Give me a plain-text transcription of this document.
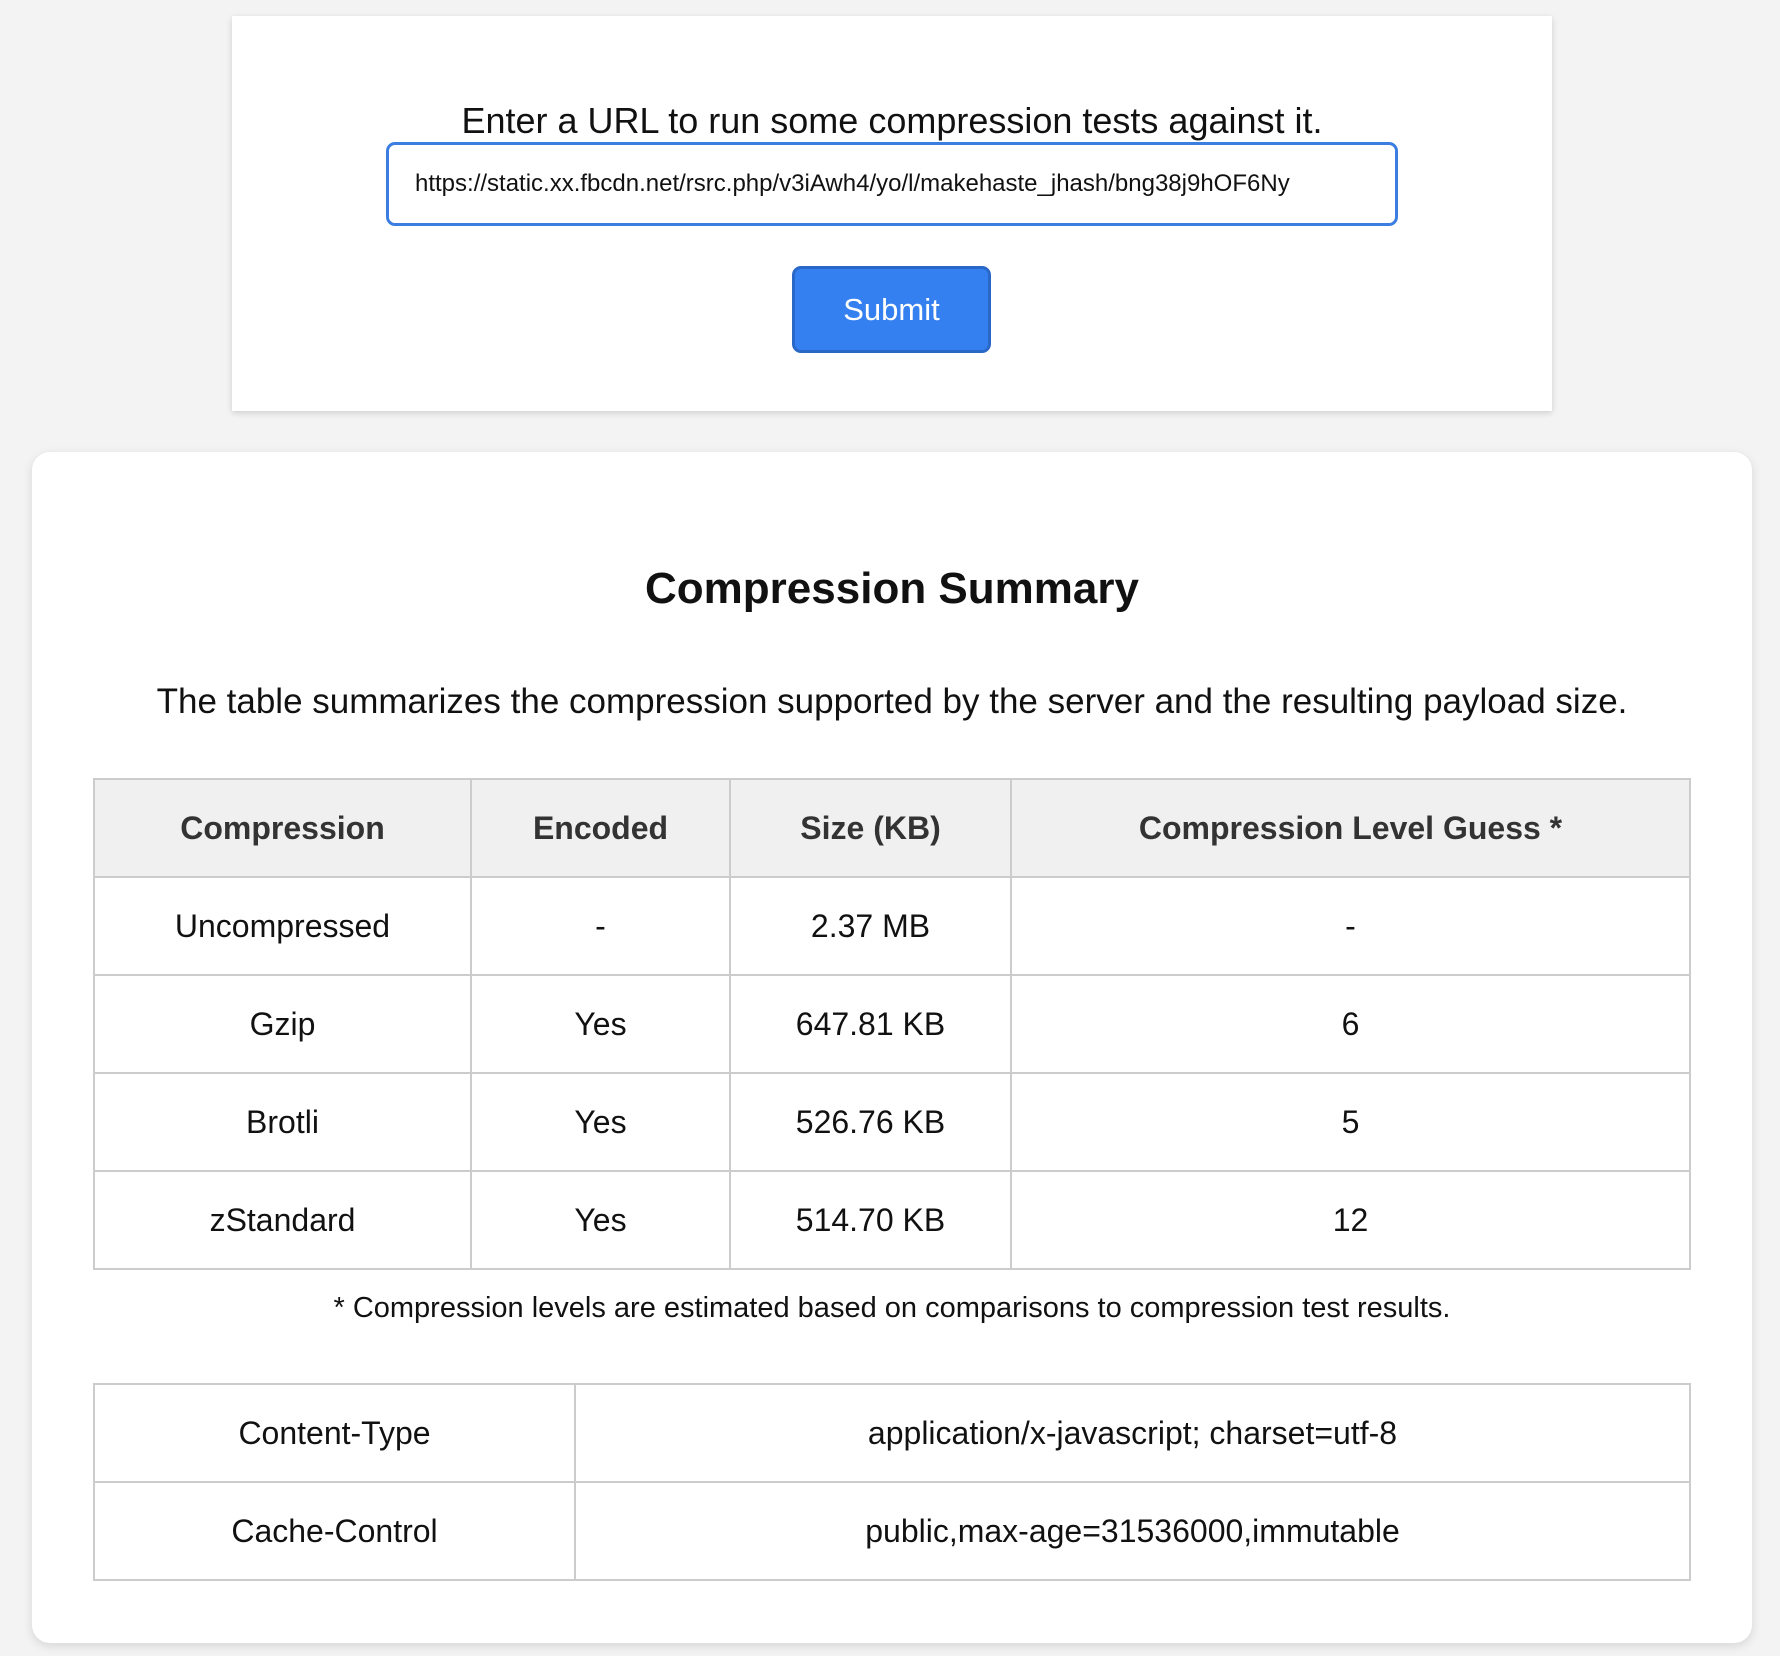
Enter a URL to run some compression tests against it.
https://static.xx.fbcdn.net/rsrc.php/v3iAwh4/yo/l/makehaste_jhash/bng38j9hOF6Ny
Submit
Compression Summary

The table summarizes the compression supported by the server and the resulting payload size.

Compression	Encoded	Size (KB)	Compression Level Guess *
Uncompressed	-	2.37 MB	-
Gzip	Yes	647.81 KB	6
Brotli	Yes	526.76 KB	5
zStandard	Yes	514.70 KB	12

* Compression levels are estimated based on comparisons to compression test results.

Content-Type	application/x-javascript; charset=utf-8
Cache-Control	public,max-age=31536000,immutable
